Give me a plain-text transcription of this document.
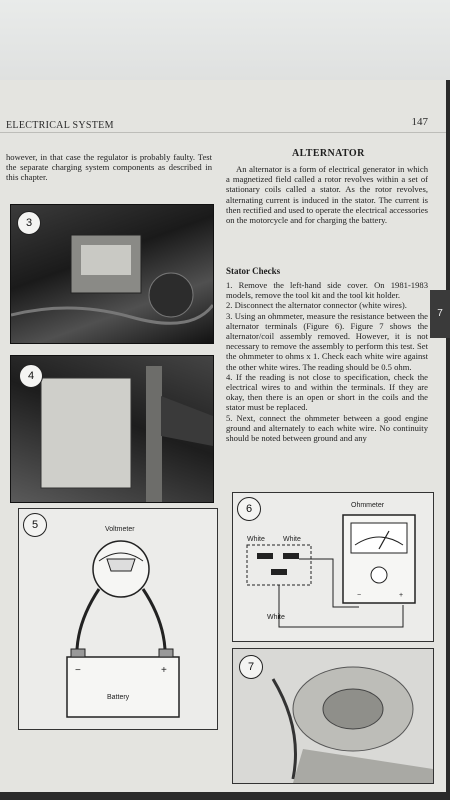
ELECTRICAL SYSTEM	147
however, in that case the regulator is probably faulty. Test the separate charging system components as described in this chapter.
ALTERNATOR
An alternator is a form of electrical generator in which a magnetized field called a rotor revolves within a set of stationary coils called a stator. As the rotor revolves, alternating current is induced in the stator. The current is then rectified and used to operate the electrical accessories on the motorcycle and for charging the battery.
Stator Checks

1. Remove the left-hand side cover. On 1981-1983 models, remove the tool kit and the tool kit holder.

2. Disconnect the alternator connector (white wires).

3. Using an ohmmeter, measure the resistance between the alternator terminals (Figure 6). Figure 7 shows the alternator/coil assembly removed. However, it is not necessary to remove the assembly to perform this test. Set the ohmmeter to ohms x 1. Check each white wire against the other white wires. The reading should be 0.5 ohm.

4. If the reading is not close to specification, check the electrical wires to and within the terminals. If they are okay, then there is an open or short in the coils and the stator must be replaced.

5. Next, connect the ohmmeter between a good engine ground and alternately to each white wire. No continuity should be noted between ground and any

3
4
5	Voltmeter
−	+
Battery
6	Ohmmeter
−	+
White	White
White
7
7
